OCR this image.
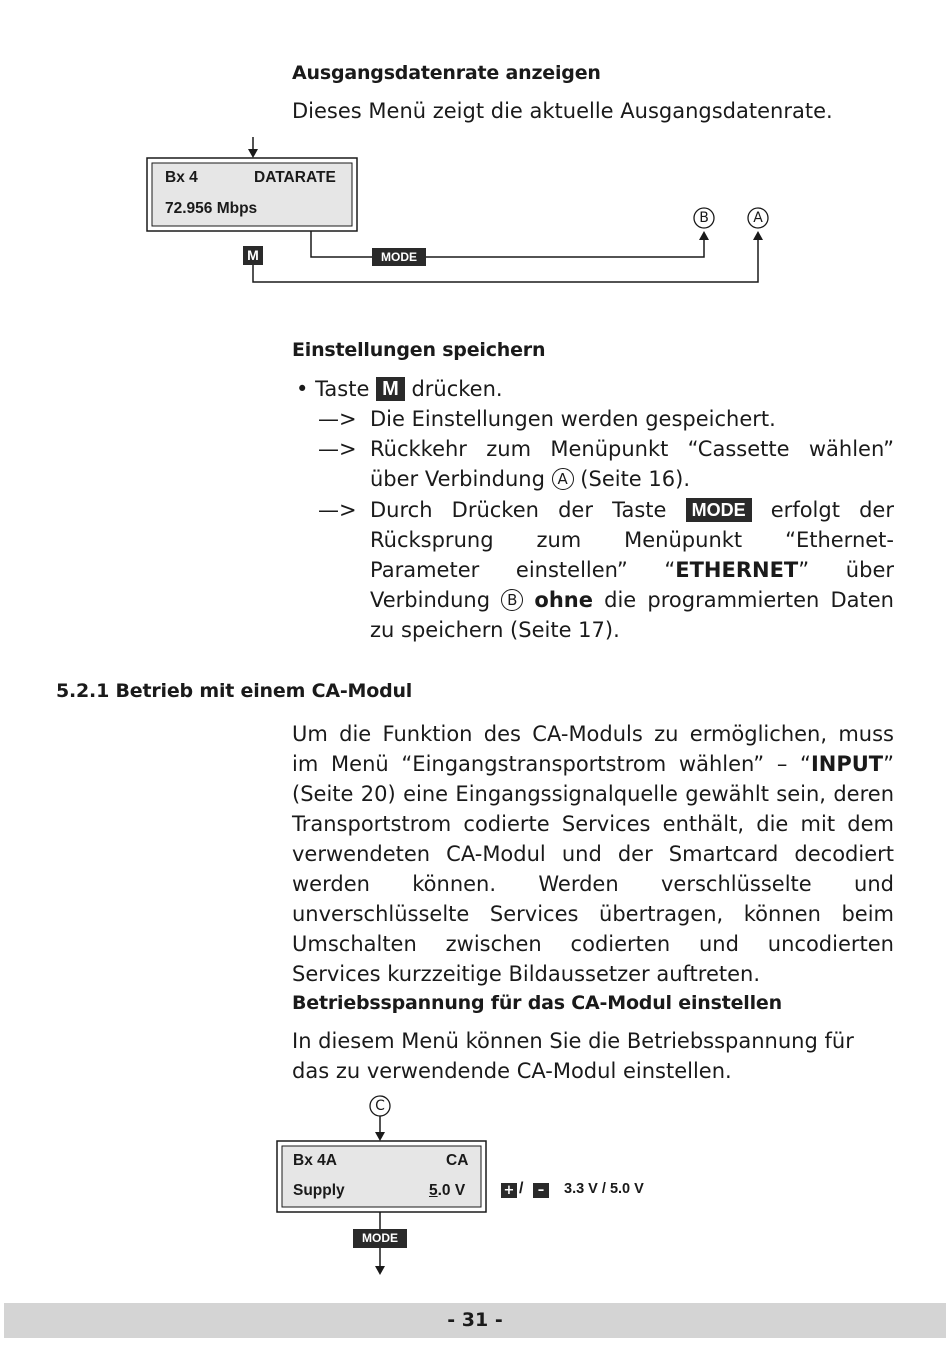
Ausgangsdatenrate anzeigen
Dieses Menü zeigt die aktuelle Ausgangsdatenrate.
Bx 4	DATARATE
72.956 Mbps
M	MODE
B	A
Einstellungen speichern
• Taste M drücken.
—> Die Einstellungen werden gespeichert.
—> Rückkehr zum Menüpunkt “Cassette wählen” über Verbindung A (Seite 16).
—> Durch Drücken der Taste MODE erfolgt der Rücksprung zum Menüpunkt “Ethernet-Parameter einstellen” “ETHERNET” über Verbindung B ohne die programmierten Daten zu speichern (Seite 17).
5.2.1 Betrieb mit einem CA-Modul
Um die Funktion des CA-Moduls zu ermöglichen, muss im Menü “Eingangstransportstrom wählen” – “INPUT” (Seite 20) eine Eingangssignalquelle gewählt sein, deren Transportstrom codierte Services enthält, die mit dem verwendeten CA-Modul und der Smartcard decodiert werden können. Werden verschlüsselte und unverschlüsselte Services übertragen, können beim Umschalten zwischen codierten und uncodierten Services kurzzeitige Bildaussetzer auftreten.
Betriebsspannung für das CA-Modul einstellen
In diesem Menü können Sie die Betriebsspannung für das zu verwendende CA-Modul einstellen.
C
Bx 4A	CA
Supply	5.0 V	+ /	–	3.3 V / 5.0 V
MODE
- 31 -
